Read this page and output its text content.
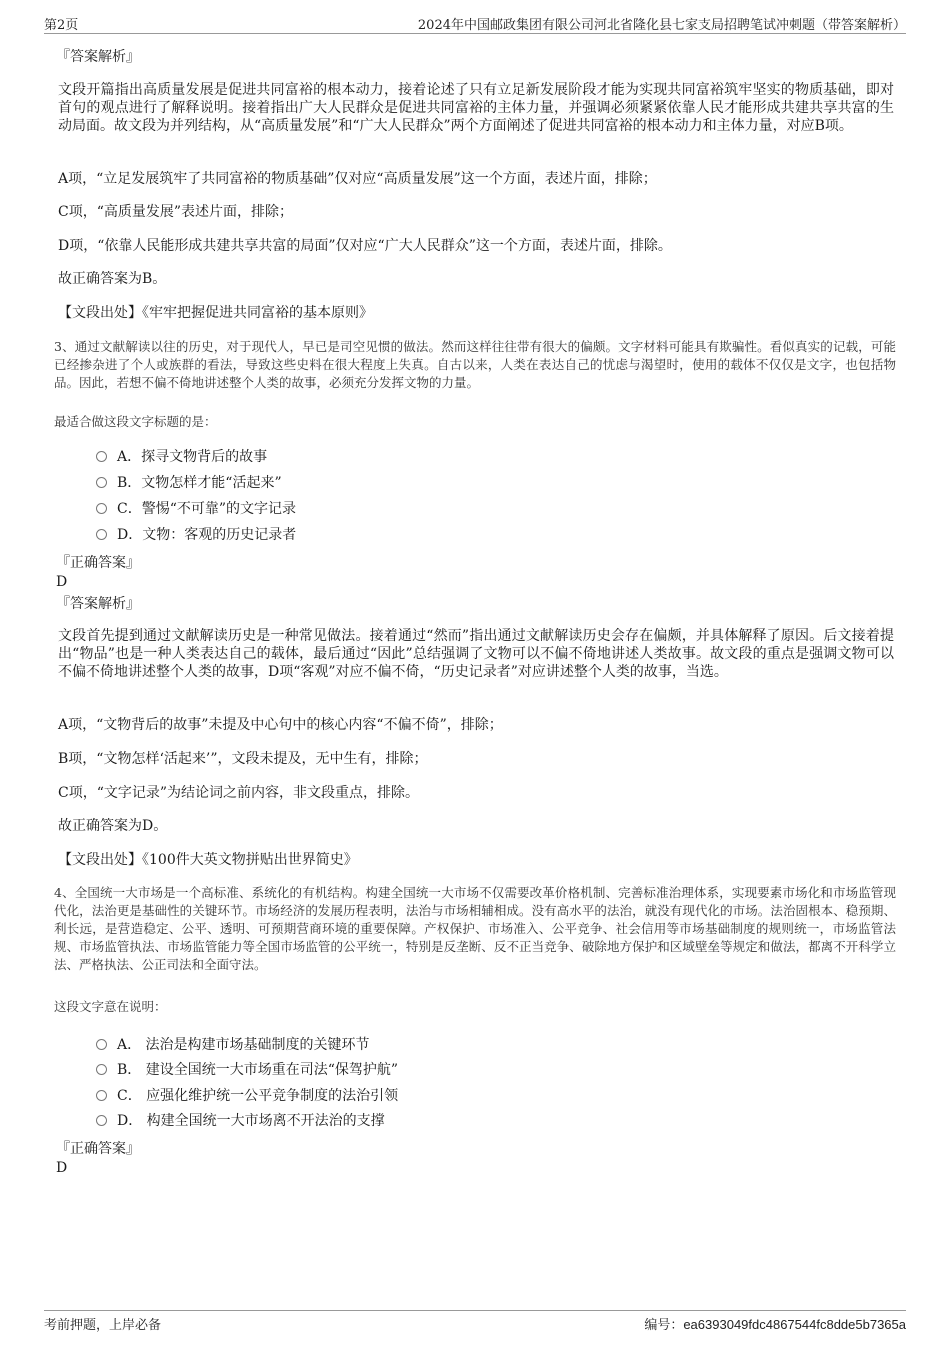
第2页	2024年中国邮政集团有限公司河北省隆化县七家支局招聘笔试冲刺题（带答案解析）
『答案解析』
文段开篇指出高质量发展是促进共同富裕的根本动力，接着论述了只有立足新发展阶段才能为实现共同富裕筑牢坚实的物质基础，即对首句的观点进行了解释说明。接着指出广大人民群众是促进共同富裕的主体力量，并强调必须紧紧依靠人民才能形成共建共享共富的生动局面。故文段为并列结构，从“高质量发展”和“广大人民群众”两个方面阐述了促进共同富裕的根本动力和主体力量，对应B项。
A项，“立足发展筑牢了共同富裕的物质基础”仅对应“高质量发展”这一个方面，表述片面，排除；
C项，“高质量发展”表述片面，排除；
D项，“依靠人民能形成共建共享共富的局面”仅对应“广大人民群众”这一个方面，表述片面，排除。
故正确答案为B。
【文段出处】《牢牢把握促进共同富裕的基本原则》
3、通过文献解读以往的历史，对于现代人，早已是司空见惯的做法。然而这样往往带有很大的偏颇。文字材料可能具有欺骗性。看似真实的记载，可能已经掺杂进了个人或族群的看法，导致这些史料在很大程度上失真。自古以来，人类在表达自己的忧虑与渴望时，使用的载体不仅仅是文字，也包括物品。因此，若想不偏不倚地讲述整个人类的故事，必须充分发挥文物的力量。
最适合做这段文字标题的是：
A．探寻文物背后的故事
B．文物怎样才能“活起来”
C．警惕“不可靠”的文字记录
D．文物：客观的历史记录者
『正确答案』
D
『答案解析』
文段首先提到通过文献解读历史是一种常见做法。接着通过“然而”指出通过文献解读历史会存在偏颇，并具体解释了原因。后文接着提出“物品”也是一种人类表达自己的载体，最后通过“因此”总结强调了文物可以不偏不倚地讲述人类故事。故文段的重点是强调文物可以不偏不倚地讲述整个人类的故事，D项“客观”对应不偏不倚，“历史记录者”对应讲述整个人类的故事，当选。
A项，“文物背后的故事”未提及中心句中的核心内容“不偏不倚”，排除；
B项，“文物怎样‘活起来’”，文段未提及，无中生有，排除；
C项，“文字记录”为结论词之前内容，非文段重点，排除。
故正确答案为D。
【文段出处】《100件大英文物拼贴出世界简史》
4、全国统一大市场是一个高标准、系统化的有机结构。构建全国统一大市场不仅需要改革价格机制、完善标准治理体系，实现要素市场化和市场监管现代化，法治更是基础性的关键环节。市场经济的发展历程表明，法治与市场相辅相成。没有高水平的法治，就没有现代化的市场。法治固根本、稳预期、利长远，是营造稳定、公平、透明、可预期营商环境的重要保障。产权保护、市场准入、公平竞争、社会信用等市场基础制度的规则统一，市场监管法规、市场监管执法、市场监管能力等全国市场监管的公平统一，特别是反垄断、反不正当竞争、破除地方保护和区域壁垒等规定和做法，都离不开科学立法、严格执法、公正司法和全面守法。
这段文字意在说明：
A． 法治是构建市场基础制度的关键环节
B． 建设全国统一大市场重在司法“保驾护航”
C． 应强化维护统一公平竞争制度的法治引领
D． 构建全国统一大市场离不开法治的支撑
『正确答案』
D
考前押题，上岸必备	编号：ea6393049fdc4867544fc8dde5b7365a
